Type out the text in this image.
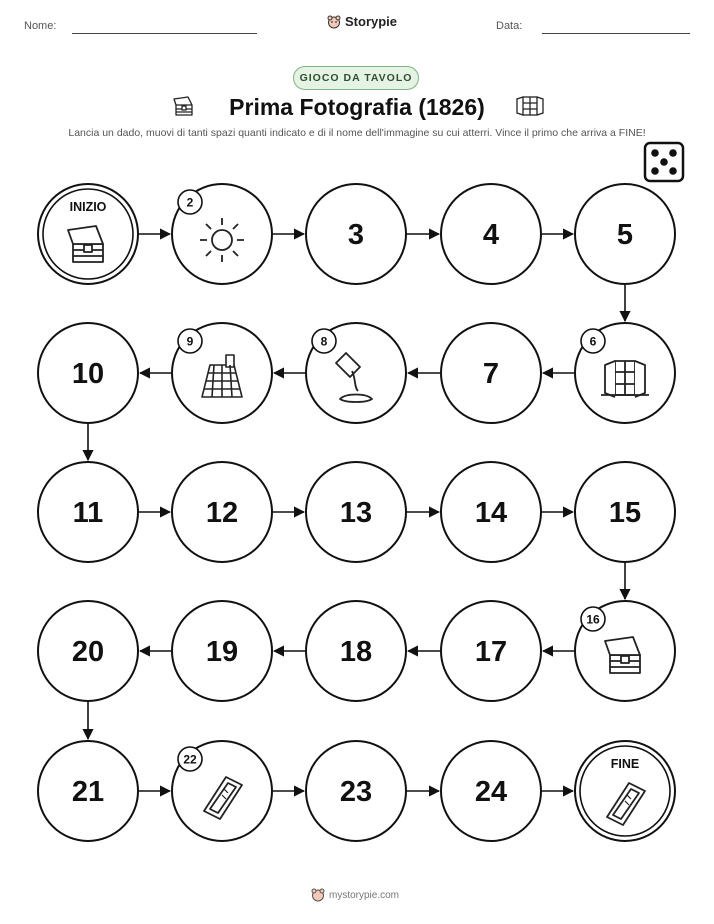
Nome:	Storypie	Data:
GIOCO DA TAVOLO
Prima Fotografia (1826)
Lancia un dado, muovi di tanti spazi quanti indicato e di il nome dell'immagine su cui atterri. Vince il primo che arriva a FINE!
INIZIO	2
3	4	5
6
7
8
9
10
11	12	13	14	15
16
17
18
19
20
21
22
23	24
FINE
mystorypie.com
